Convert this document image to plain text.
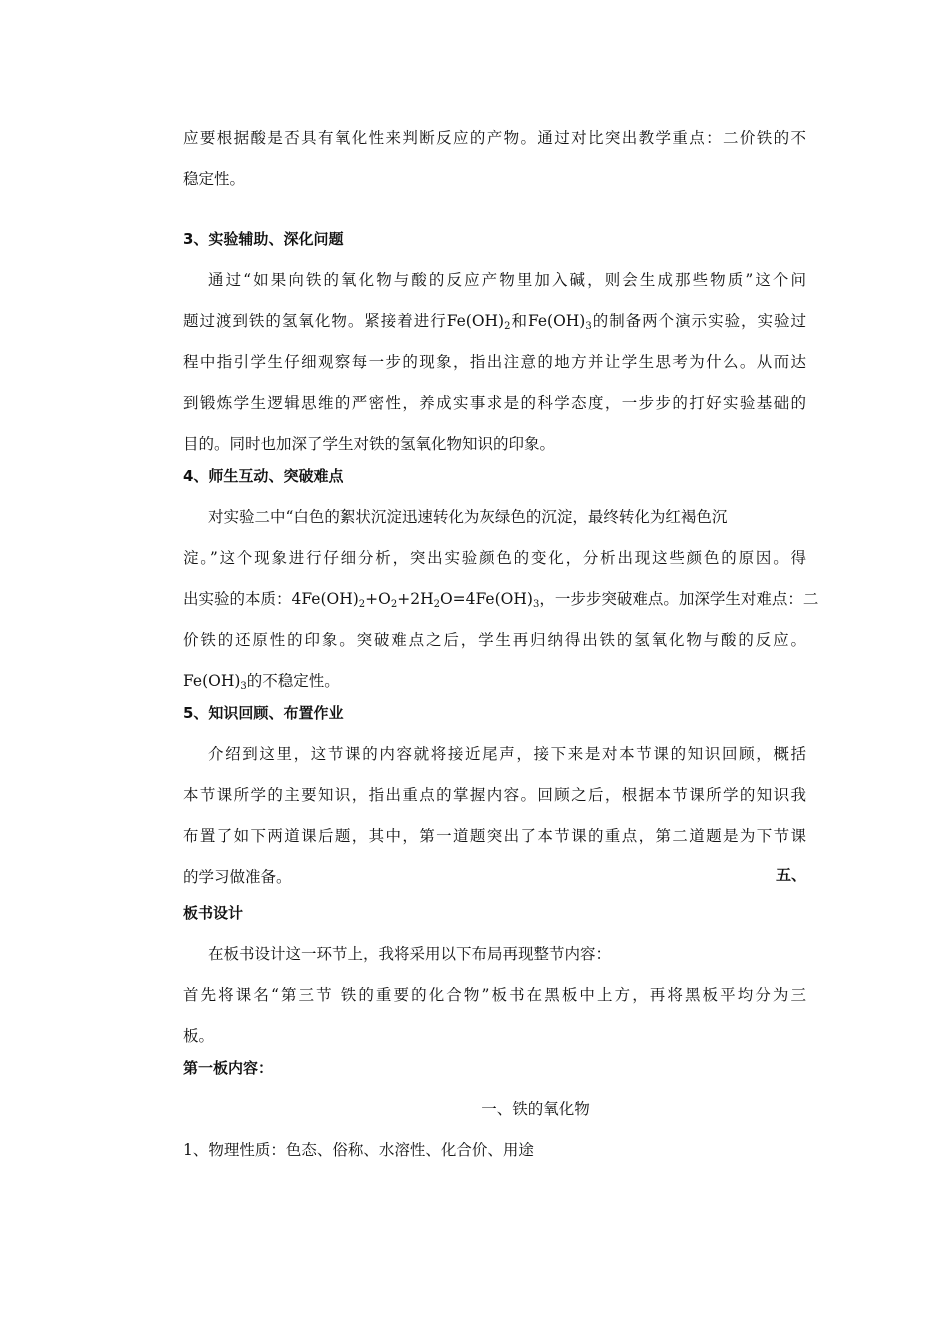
应要根据酸是否具有氧化性来判断反应的产物。通过对比突出教学重点：二价铁的不
稳定性。
3、实验辅助、深化问题
通过“如果向铁的氧化物与酸的反应产物里加入碱，则会生成那些物质”这个问
题过渡到铁的氢氧化物。紧接着进行$Fe(OH)_2$和$Fe(OH)_3$的制备两个演示实验，实验过
程中指引学生仔细观察每一步的现象，指出注意的地方并让学生思考为什么。从而达
到锻炼学生逻辑思维的严密性，养成实事求是的科学态度，一步步的打好实验基础的
目的。同时也加深了学生对铁的氢氧化物知识的印象。
4、师生互动、突破难点
对实验二中“白色的絮状沉淀迅速转化为灰绿色的沉淀，最终转化为红褐色沉
淀。”这个现象进行仔细分析，突出实验颜色的变化，分析出现这些颜色的原因。得
出实验的本质：$4Fe(OH)_2+O_2+2H_2O=4Fe(OH)_3$，一步步突破难点。加深学生对难点：二
价铁的还原性的印象。突破难点之后，学生再归纳得出铁的氢氧化物与酸的反应。
$Fe(OH)_3$的不稳定性。
5、知识回顾、布置作业
介绍到这里，这节课的内容就将接近尾声，接下来是对本节课的知识回顾，概括
本节课所学的主要知识，指出重点的掌握内容。回顾之后，根据本节课所学的知识我
布置了如下两道课后题，其中，第一道题突出了本节课的重点，第二道题是为下节课
的学习做准备。	五、
板书设计
在板书设计这一环节上，我将采用以下布局再现整节内容：
首先将课名“第三节 铁的重要的化合物”板书在黑板中上方，再将黑板平均分为三
板。
第一板内容：
一、铁的氧化物
1、物理性质：色态、俗称、水溶性、化合价、用途
